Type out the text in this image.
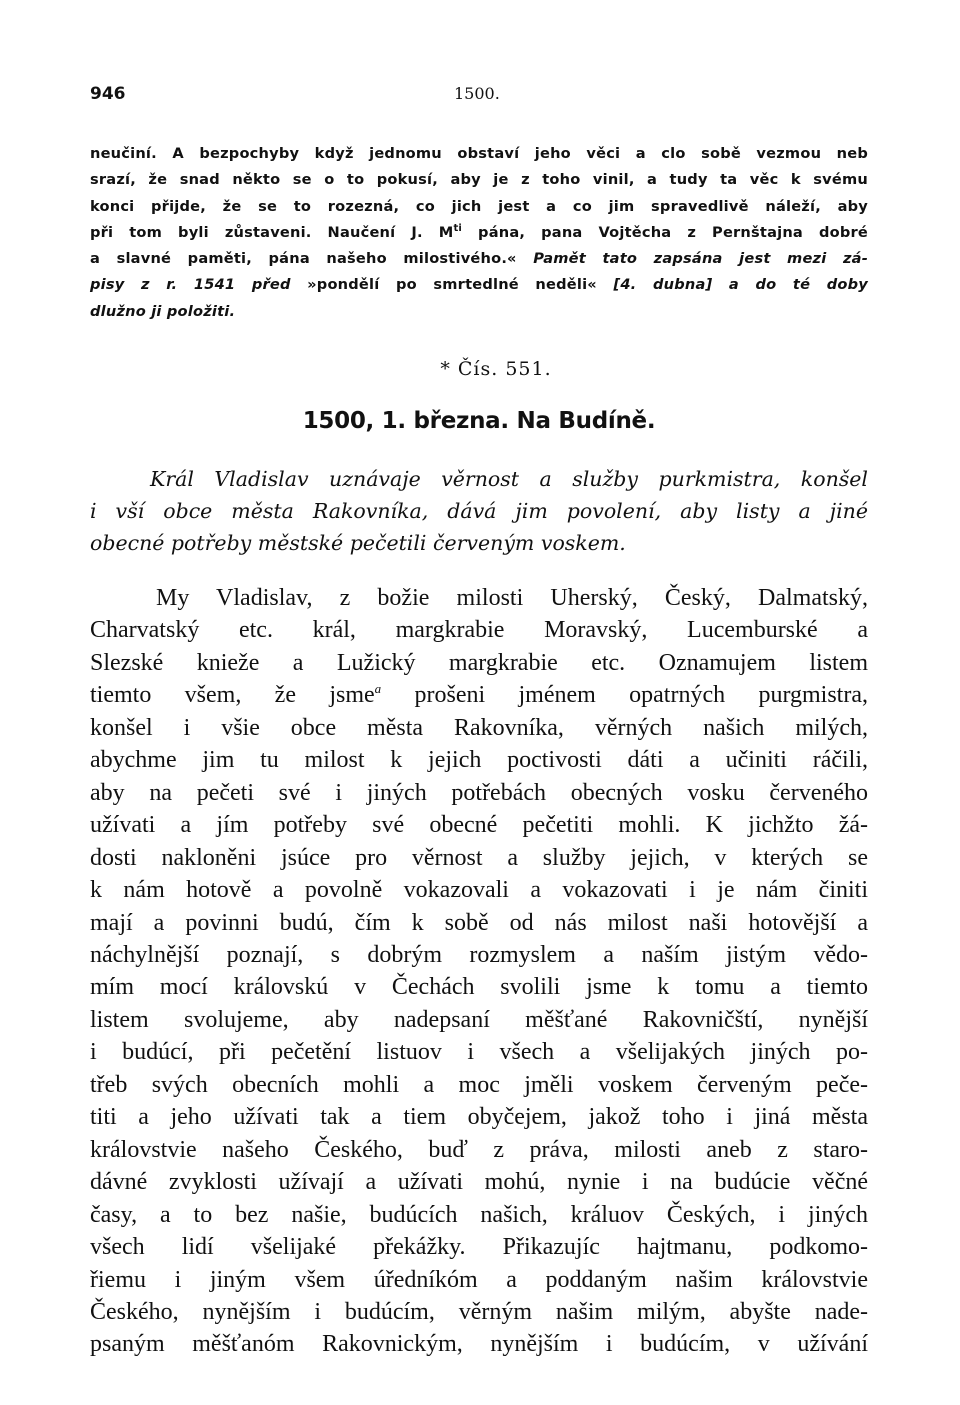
946	1500.
neučiní. A bezpochyby když jednomu obstaví jeho věci a clo sobě vezmou neb
srazí, že snad někto se o to pokusí, aby je z toho vinil, a tudy ta věc k svému
konci přijde, že se to rozezná, co jich jest a co jim spravedlivě náleží, aby
při tom byli zůstaveni. Naučení J. $M^{ti}$ pána, pana Vojtěcha z Pernštajna dobré
a slavné paměti, pána našeho milostivého.« Pamět tato zapsána jest mezi zá-
pisy z r. 1541 před »pondělí po smrtedlné neděli« [4. dubna] a do té doby
dlužno ji položiti.
* Čís. 551.
1500, 1. března. Na Budíně.
Král Vladislav uznávaje věrnost a služby purkmistra, konšel
i vší obce města Rakovníka, dává jim povolení, aby listy a jiné
obecné potřeby městské pečetili červeným voskem.
My Vladislav, z božie milosti Uherský, Český, Dalmatský,
Charvatský etc. král, margkrabie Moravský, Lucemburské a
Slezské knieže a Lužický margkrabie etc. Oznamujem listem
tiemto všem, že jsme$^a$ prošeni jménem opatrných purgmistra,
konšel i všie obce města Rakovníka, věrných našich milých,
abychme jim tu milost k jejich poctivosti dáti a učiniti ráčili,
aby na pečeti své i jiných potřebách obecných vosku červeného
užívati a jím potřeby své obecné pečetiti mohli. K jichžto žá-
dosti nakloněni jsúce pro věrnost a služby jejich, v kterých se
k nám hotově a povolně vokazovali a vokazovati i je nám činiti
mají a povinni budú, čím k sobě od nás milost naši hotovější a
náchylnější poznají, s dobrým rozmyslem a naším jistým vědo-
mím mocí královskú v Čechách svolili jsme k tomu a tiemto
listem svolujeme, aby nadepsaní měšťané Rakovničští, nynější
i budúcí, při pečetění listuov i všech a všelijakých jiných po-
třeb svých obecních mohli a moc jměli voskem červeným peče-
titi a jeho užívati tak a tiem obyčejem, jakož toho i jiná města
královstvie našeho Českého, buď z práva, milosti aneb z staro-
dávné zvyklosti užívají a užívati mohú, nynie i na budúcie věčné
časy, a to bez našie, budúcích našich, králuov Českých, i jiných
všech lidí všelijaké překážky. Přikazujíc hajtmanu, podkomo-
řiemu i jiným všem úředníkóm a poddaným našim královstvie
Českého, nynějším i budúcím, věrným našim milým, abyšte nade-
psaným měšťanóm Rakovnickým, nynějším i budúcím, v užívání
